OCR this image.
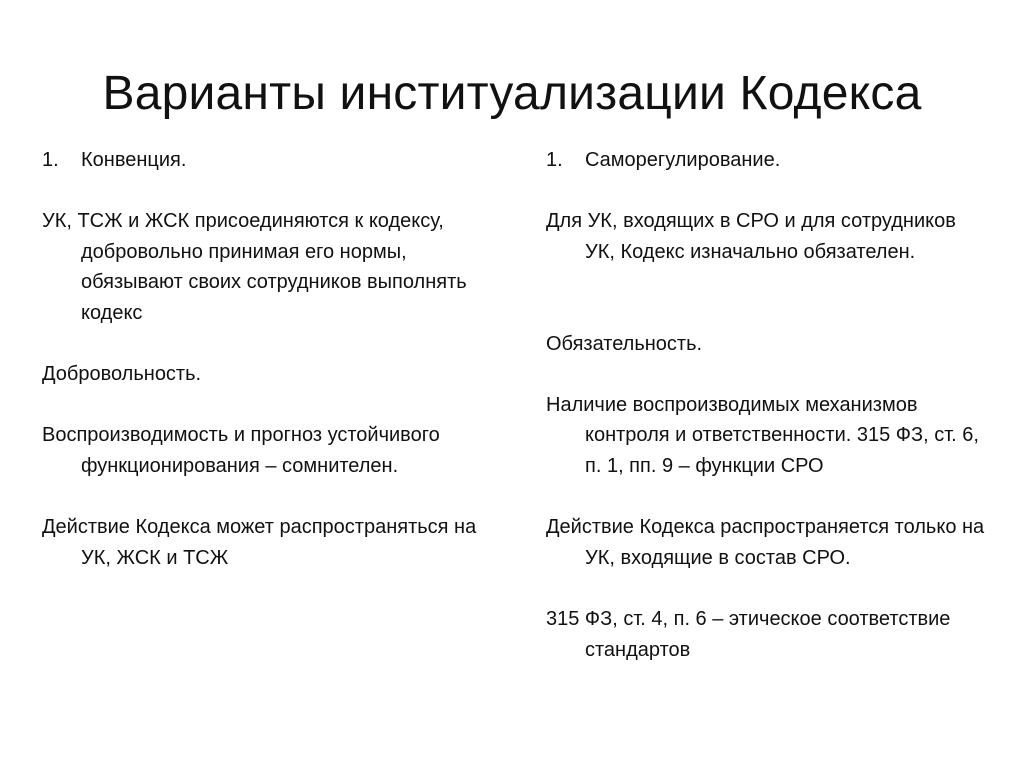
Варианты институализации Кодекса

1. Конвенция.

УК, ТСЖ и ЖСК присоединяются к кодексу, добровольно принимая его нормы, обязывают своих сотрудников выполнять кодекс

Добровольность.

Воспроизводимость и прогноз устойчивого функционирования – сомнителен.

Действие Кодекса может распространяться на УК, ЖСК и ТСЖ

1. Саморегулирование.

Для УК, входящих в СРО и для сотрудников УК, Кодекс изначально обязателен.

Обязательность.

Наличие воспроизводимых механизмов контроля и ответственности. 315 ФЗ, ст. 6, п. 1, пп. 9 – функции СРО

Действие Кодекса распространяется только на УК, входящие в состав СРО.

315 ФЗ, ст. 4, п. 6 – этическое соответствие стандартов
